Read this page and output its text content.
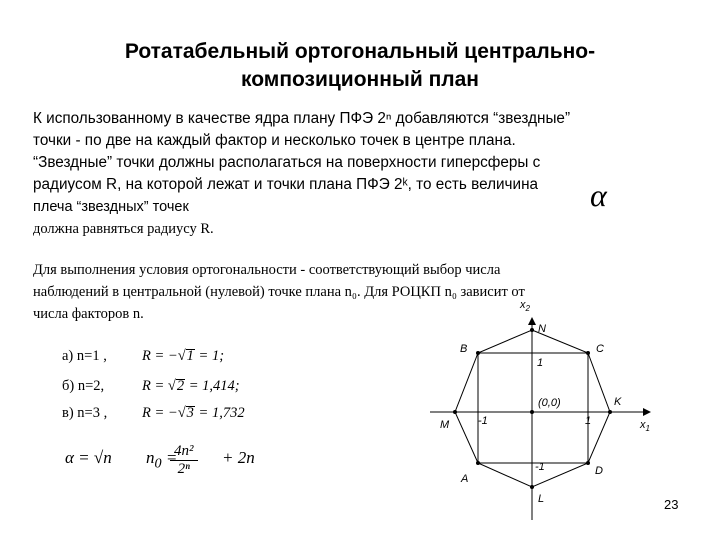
Ротатабельный ортогональный центрально-
композиционный план
К использованному в качестве ядра плану ПФЭ 2ⁿ добавляются “звездные”
точки - по две на каждый фактор и несколько точек в центре плана.
“Звездные” точки должны располагаться на поверхности гиперсферы с
радиусом R, на которой лежат и точки плана ПФЭ 2ᵏ, то есть величина
плеча “звездных” точек
должна равняться радиусу R.
α
Для выполнения условия ортогональности - соответствующий выбор числа
наблюдений в центральной (нулевой) точке плана n₀. Для РОЦКП n₀ зависит от
числа факторов n.
а) n=1 , R = −√1 = 1;
б) n=2,	R = √2 = 1,414;
в) n=3 , R = −√3 = 1,732
α = √n $n_0$ =
$\frac{\text{4n²}}{\text{2ⁿ}} + 2n$
$x_1$
$x_2$
N
B	C
K
M
A
D
L
(0,0)
1
-1
1
-1
23
